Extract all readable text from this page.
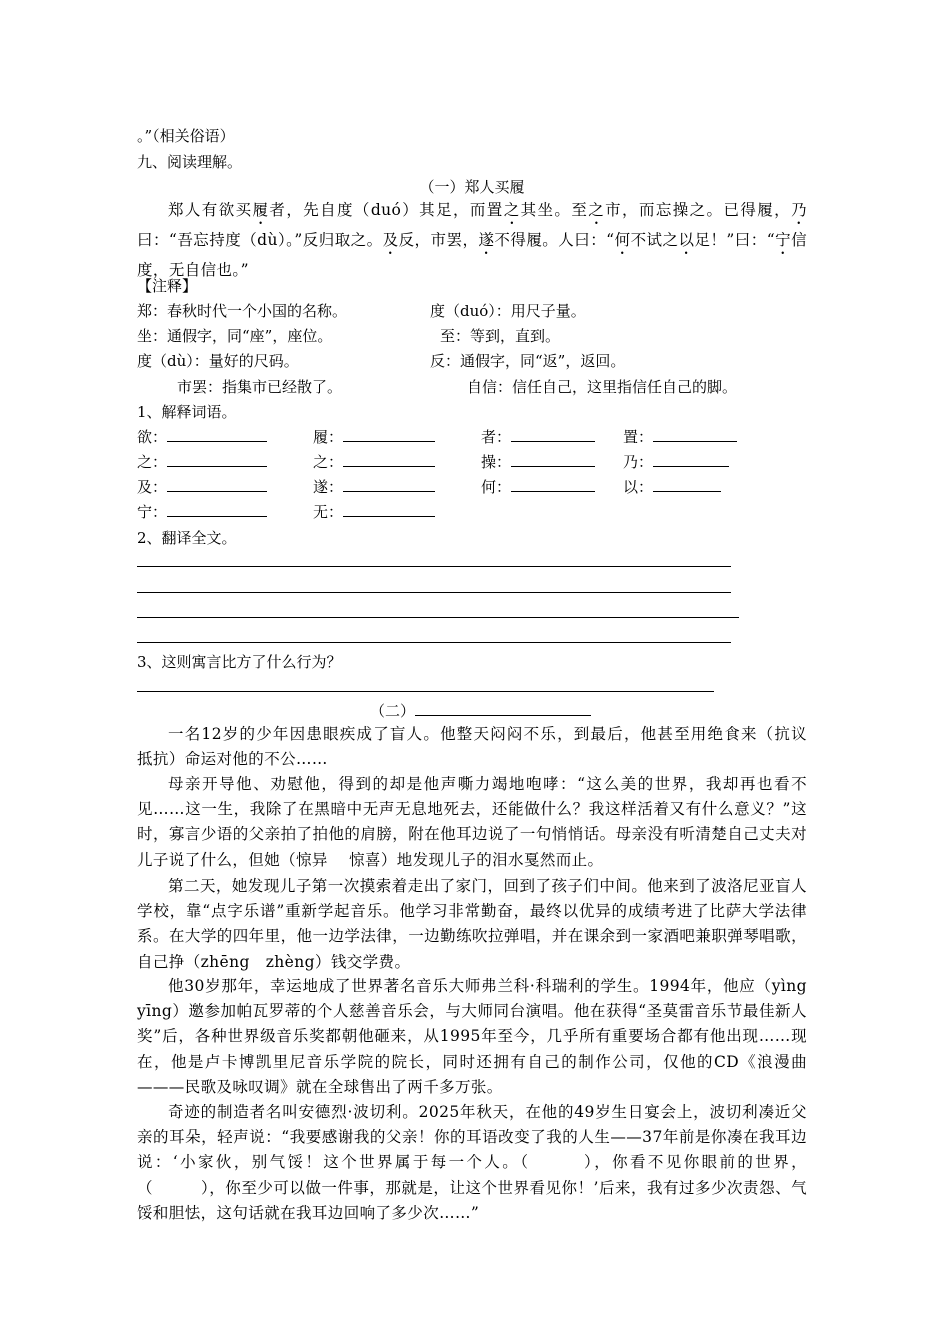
。”（相关俗语）
九、阅读理解。
（一）郑人买履
郑人有欲买履者，先自度（duó）其足，而置之其坐。至之市，而忘操之。已得履，乃曰：“吾忘持度（dù）。”反归取之。及反，市罢，遂不得履。人曰：“何不试之以足！”曰：“宁信度，无自信也。”
【注释】
郑：春秋时代一个小国的名称。	度（duó）：用尺子量。
坐：通假字，同“座”，座位。	至：等到，直到。
度（dù）：量好的尺码。	反：通假字，同“返”，返回。
市罢：指集市已经散了。	自信：信任自己，这里指信任自己的脚。
1、解释词语。
欲：	履：	者：	置：
之：	之：	操：	乃：
及：	遂：	何：	以：
宁：	无：
2、翻译全文。
3、这则寓言比方了什么行为？
（二）
一名12岁的少年因患眼疾成了盲人。他整天闷闷不乐，到最后，他甚至用绝食来（抗议　抵抗）命运对他的不公……
母亲开导他、劝慰他，得到的却是他声嘶力竭地咆哮：“这么美的世界，我却再也看不见……这一生，我除了在黑暗中无声无息地死去，还能做什么？我这样活着又有什么意义？”这时，寡言少语的父亲拍了拍他的肩膀，附在他耳边说了一句悄悄话。母亲没有听清楚自己丈夫对儿子说了什么，但她（惊异　 惊喜）地发现儿子的泪水戛然而止。
第二天，她发现儿子第一次摸索着走出了家门，回到了孩子们中间。他来到了波洛尼亚盲人学校，靠“点字乐谱”重新学起音乐。他学习非常勤奋，最终以优异的成绩考进了比萨大学法律系。在大学的四年里，他一边学法律，一边勤练吹拉弹唱，并在课余到一家酒吧兼职弹琴唱歌，自己挣（zhēng　zhèng）钱交学费。
他30岁那年，幸运地成了世界著名音乐大师弗兰科·科瑞利的学生。1994年，他应（yìng　yīng）邀参加帕瓦罗蒂的个人慈善音乐会，与大师同台演唱。他在获得“圣莫雷音乐节最佳新人奖”后，各种世界级音乐奖都朝他砸来，从1995年至今，几乎所有重要场合都有他出现……现在，他是卢卡博凯里尼音乐学院的院长，同时还拥有自己的制作公司，仅他的CD《浪漫曲———民歌及咏叹调》就在全球售出了两千多万张。
奇迹的制造者名叫安德烈·波切利。2025年秋天，在他的49岁生日宴会上，波切利凑近父亲的耳朵，轻声说：“我要感谢我的父亲！你的耳语改变了我的人生——37年前是你凑在我耳边说：‘小家伙，别气馁！这个世界属于每一个人。（　　　），你看不见你眼前的世界，（　　　），你至少可以做一件事，那就是，让这个世界看见你！’后来，我有过多少次责怨、气馁和胆怯，这句话就在我耳边回响了多少次……”
